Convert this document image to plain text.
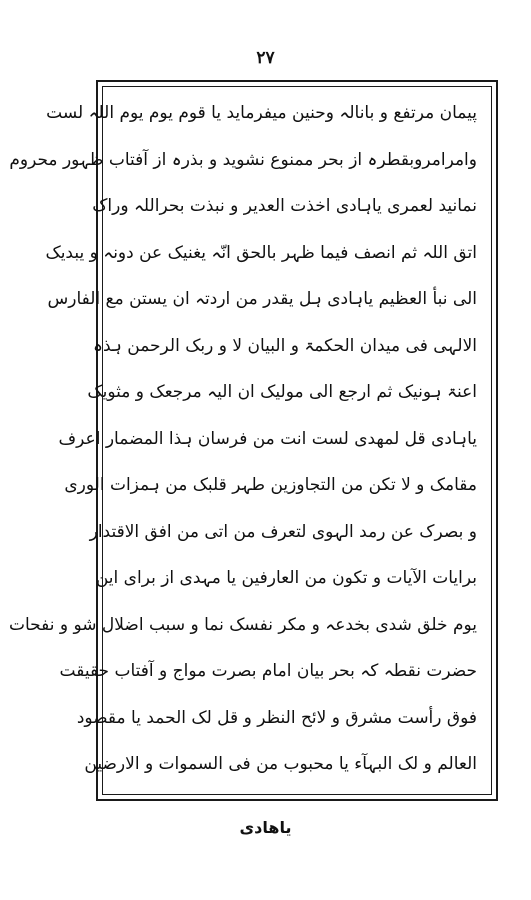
۲۷
پیمان مرتفع و بانالہ وحنین میفرماید یا قوم یوم یوم اللہ لست
وامرامروبقطرہ از بحر ممنوع نشوید و بذرہ از آفتاب ظہور محروم
نمانید لعمری یاہادی اخذت العدیر و نبذت بحراللہ وراک
اتق اللہ ثم انصف فیما ظہر بالحق انّہ یغنیک عن دونہ و یبدیک
الی نبأ العظیم یاہادی ہل یقدر من اردتہ ان یستن مع الفارس
الالہی فی میدان الحکمۃ و البیان لا و ربک الرحمن ہذہ
اعنۃ ہونیک ثم ارجع الی مولیک ان الیہ مرجعک و مثویک
یاہادی قل لمھدی لست انت من فرسان ہذا المضمار اعرف
مقامک و لا تکن من التجاوزین طہر قلبک من ہمزات الوری
و بصرک عن رمد الہوی لتعرف من اتی من افق الاقتدار
برایات الآیات و تکون من العارفین یا مہدی از برای این
یوم خلق شدی بخدعہ و مکر نفسک نما و سبب اضلال شو و نفحات
حضرت نقطہ کہ بحر بیان امام بصرت مواج و آفتاب حقیقت
فوق رأست مشرق و لائح النظر و قل لک الحمد یا مقصود
العالم و لک البہآء یا محبوب من فی السموات و الارضین
یاهادی
